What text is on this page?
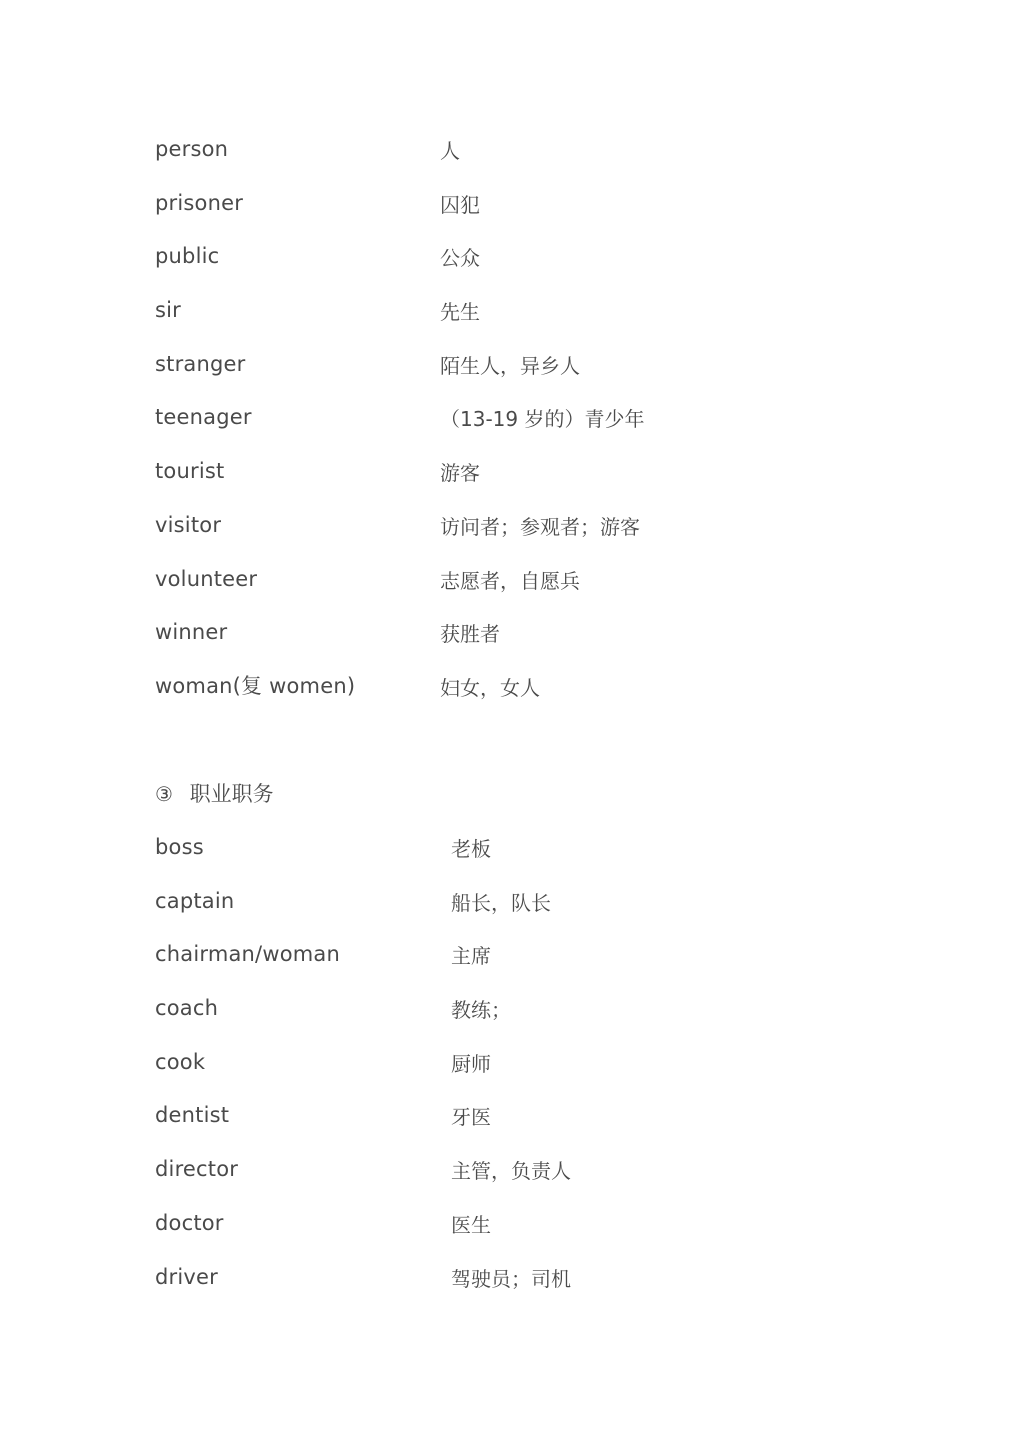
person	人
prisoner	囚犯
public	公众
sir	先生
stranger	陌生人，异乡人
teenager	（13-19 岁的）青少年
tourist	游客
visitor	访问者；参观者；游客
volunteer	志愿者，自愿兵
winner	获胜者
woman(复 women)	妇女，女人
③ 职业职务
boss	老板
captain	船长，队长
chairman/woman	主席
coach	教练；
cook	厨师
dentist	牙医
director	主管，负责人
doctor	医生
driver	驾驶员；司机
